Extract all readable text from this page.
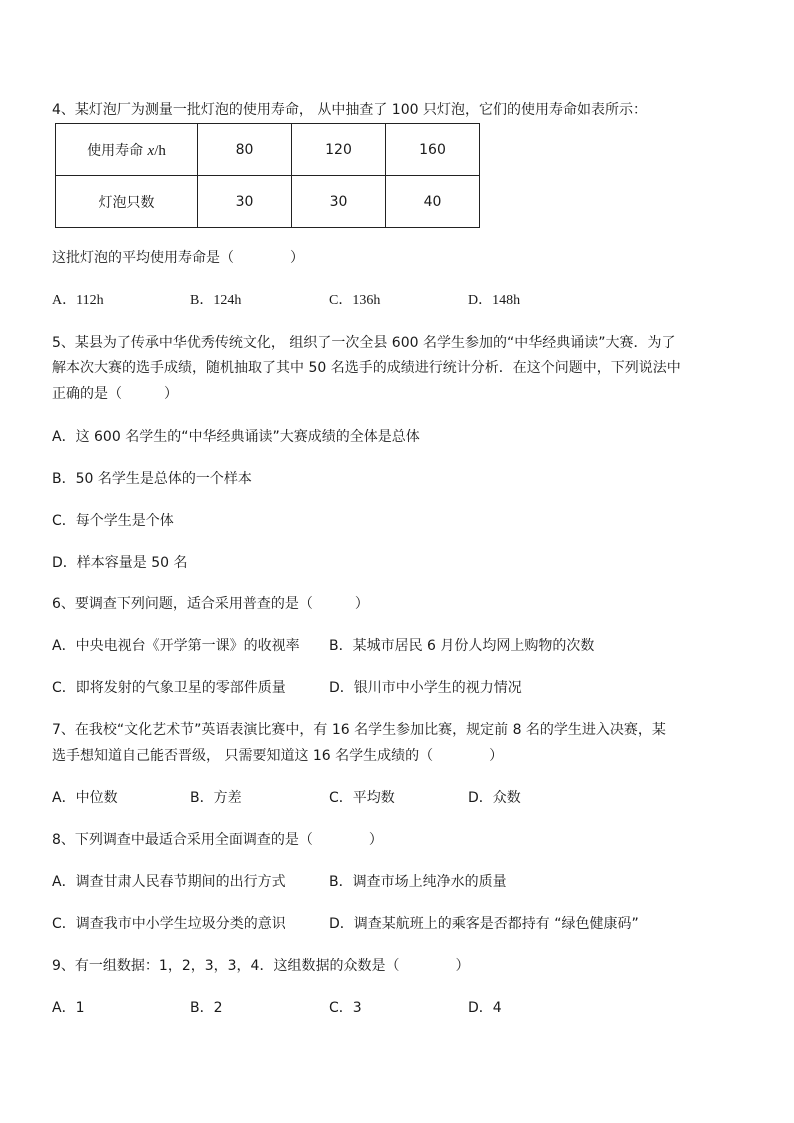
4、某灯泡厂为测量一批灯泡的使用寿命， 从中抽查了 100 只灯泡，它们的使用寿命如表所示：
使用寿命 x/h	80	120	160
灯泡只数	30	30	40
这批灯泡的平均使用寿命是（　　　　）
A．112h	B．124h	C．136h	D．148h
5、某县为了传承中华优秀传统文化， 组织了一次全县 600 名学生参加的“中华经典诵读”大赛．为了
解本次大赛的选手成绩，随机抽取了其中 50 名选手的成绩进行统计分析．在这个问题中，下列说法中
正确的是（　　　）
A．这 600 名学生的“中华经典诵读”大赛成绩的全体是总体
B．50 名学生是总体的一个样本
C．每个学生是个体
D．样本容量是 50 名
6、要调查下列问题，适合采用普查的是（　　　）
A．中央电视台《开学第一课》的收视率 B．某城市居民 6 月份人均网上购物的次数
C．即将发射的气象卫星的零部件质量	D．银川市中小学生的视力情况
7、在我校“文化艺术节”英语表演比赛中，有 16 名学生参加比赛，规定前 8 名的学生进入决赛，某
选手想知道自己能否晋级， 只需要知道这 16 名学生成绩的（　　　　）
A．中位数	B．方差	C．平均数	D．众数
8、下列调查中最适合采用全面调查的是（　　　　）
A．调查甘肃人民春节期间的出行方式	B．调查市场上纯净水的质量
C．调查我市中小学生垃圾分类的意识	D．调查某航班上的乘客是否都持有 “绿色健康码”
9、有一组数据：1，2，3，3，4．这组数据的众数是（　　　　）
A．1	B．2	C．3	D．4
